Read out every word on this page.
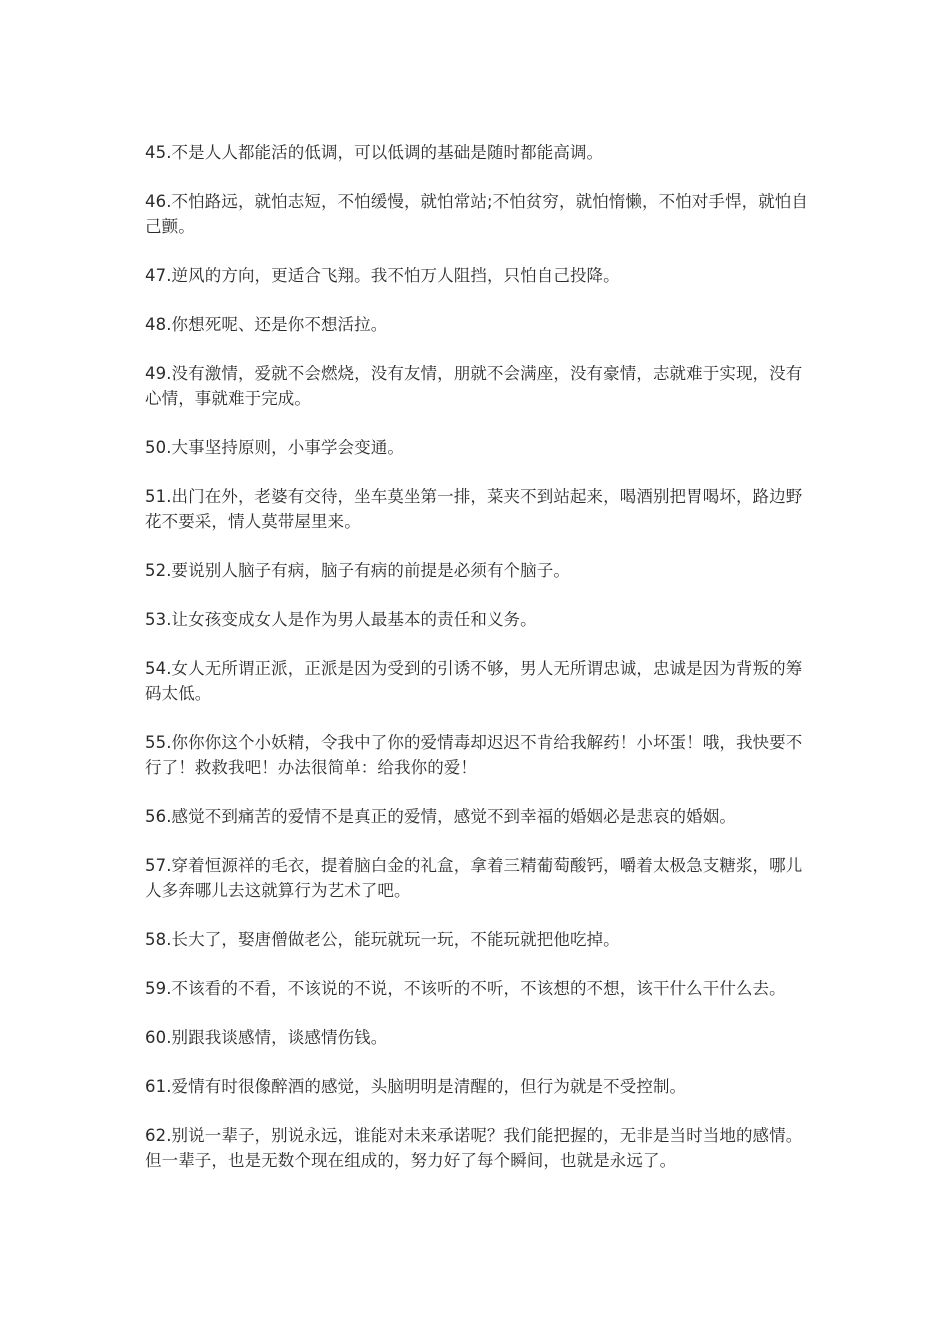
45.不是人人都能活的低调，可以低调的基础是随时都能高调。

46.不怕路远，就怕志短，不怕缓慢，就怕常站;不怕贫穷，就怕惰懒，不怕对手悍，就怕自己颤。

47.逆风的方向，更适合飞翔。我不怕万人阻挡，只怕自己投降。

48.你想死呢、还是你不想活拉。

49.没有激情，爱就不会燃烧，没有友情，朋就不会满座，没有豪情，志就难于实现，没有心情，事就难于完成。

50.大事坚持原则，小事学会变通。

51.出门在外，老婆有交待，坐车莫坐第一排，菜夹不到站起来，喝酒别把胃喝坏，路边野花不要采，情人莫带屋里来。

52.要说别人脑子有病，脑子有病的前提是必须有个脑子。

53.让女孩变成女人是作为男人最基本的责任和义务。

54.女人无所谓正派，正派是因为受到的引诱不够，男人无所谓忠诚，忠诚是因为背叛的筹码太低。

55.你你你这个小妖精，令我中了你的爱情毒却迟迟不肯给我解药！小坏蛋！哦，我快要不行了！救救我吧！办法很简单：给我你的爱！

56.感觉不到痛苦的爱情不是真正的爱情，感觉不到幸福的婚姻必是悲哀的婚姻。

57.穿着恒源祥的毛衣，提着脑白金的礼盒，拿着三精葡萄酸钙，嚼着太极急支糖浆，哪儿人多奔哪儿去这就算行为艺术了吧。

58.长大了，娶唐僧做老公，能玩就玩一玩，不能玩就把他吃掉。

59.不该看的不看，不该说的不说，不该听的不听，不该想的不想，该干什么干什么去。

60.别跟我谈感情，谈感情伤钱。

61.爱情有时很像醉酒的感觉，头脑明明是清醒的，但行为就是不受控制。

62.别说一辈子，别说永远，谁能对未来承诺呢？我们能把握的，无非是当时当地的感情。但一辈子，也是无数个现在组成的，努力好了每个瞬间，也就是永远了。
